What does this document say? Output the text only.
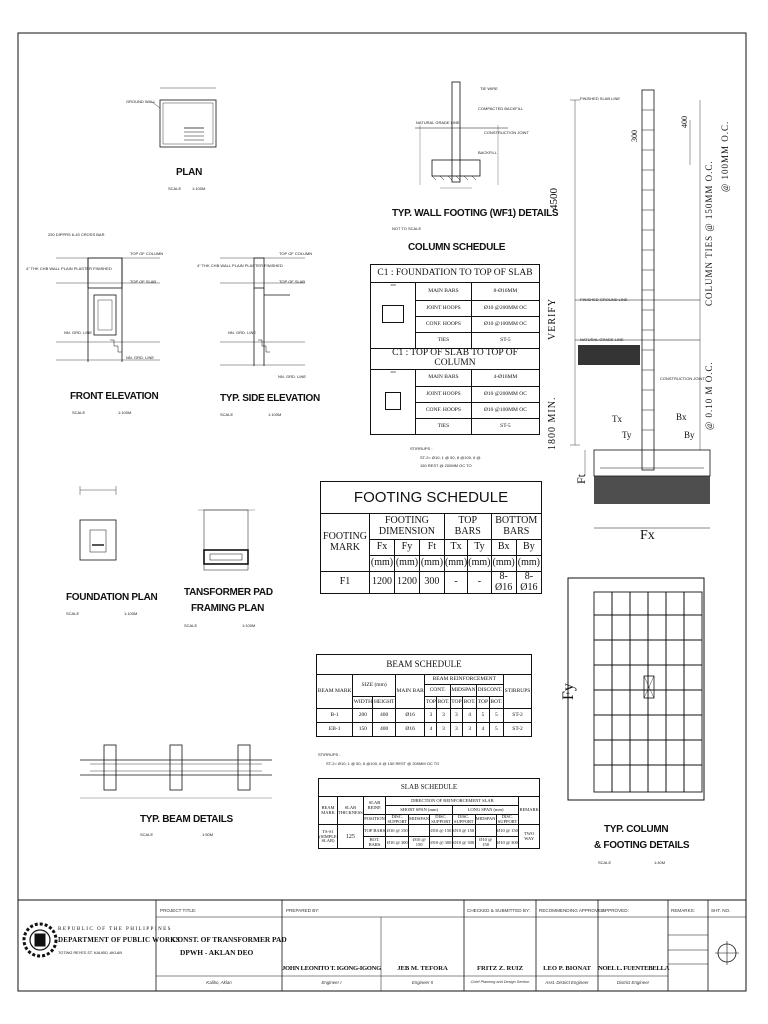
PLAN
SCALE	1:100M
GROUND WALL
250 DIPPRS 6-40 CROSS BAR
4" THK CHB WALL PLAIN PLASTER FINISHED
TOP OF COLUMN
TOP OF SLAB
NN. GRD. LINE
NN. GRD. LINE
FRONT ELEVATION
SCALE	1:100M
4" THK CHB WALL PLAIN PLASTER FINISHED
TOP OF COLUMN
TOP OF SLAB
NN. GRD. LINE
NN. GRD. LINE
TYP. SIDE ELEVATION
SCALE	1:100M
FOUNDATION PLAN
SCALE	1:100M
TANSFORMER PAD
FRAMING PLAN
SCALE	1:100M
TYP. BEAM DETAILS
SCALE	1:50M
NATURAL GRADE LINE
COMPACTED BACKFILL
CONSTRUCTION JOINT
TIE WIRE
BACKFILL
TYP. WALL FOOTING (WF1) DETAILS
NOT TO SCALE
4500
VERIFY
1800 MIN.
Ft
Fx
Fy
COLUMN TIES @ 150MM O.C.
@ 100MM O.C.
@ 0.10 M O.C.
400
300
FINISHED SLAB LINE
FINISHED GROUND LINE
NATURAL GRADE LINE
CONSTRUCTION JOINT
Tx
Ty
Bx
By
TYP. COLUMN
& FOOTING DETAILS
SCALE	1:40M
COLUMN SCHEDULE
C1 : FOUNDATION TO TOP OF SLAB		

200	MAIN BARS	8-Ø16MM
	JOINT HOOPS	Ø10 @200MM OC
	CONF. HOOPS	Ø10 @100MM OC
	TIES	ST-5
C1 : TOP OF SLAB TO TOP OF COLUMN		

200	MAIN BARS	4-Ø16MM
	JOINT HOOPS	Ø10 @200MM OC
	CONF. HOOPS	Ø10 @100MM OC
	TIES	ST-5
STIRRUPS :
ST-2= Ø10; 1 @ 50, 8 @100, 6 @
150 REST @ 200MM OC TO
FOOTING SCHEDULE							
FOOTING MARK	FOOTING DIMENSION			TOP BARS		BOTTOM BARS	
	Fx	Fy	Ft	Tx	Ty	Bx	By
	(mm)	(mm)	(mm)	(mm)	(mm)	(mm)	(mm)
F1	1200	1200	300	-	-	8-Ø16	8-Ø16
BEAM SCHEDULE										
BEAM MARK	SIZE (mm)		MAIN BAR	BEAM REINFORCEMENT						STIRRUPS
				CONT.		MIDSPAN		DISCONT.		
	WIDTH	HEIGHT		TOP	BOT.	TOP	BOT.	TOP	BOT.	
B-1	200	400	Ø16	3	3	3	4	5	5	ST-2
EB-1	150	400	Ø16	4	3	3	3	4	5	ST-2
STIRRUPS :
ST-2= Ø10; 1 @ 50, 6 @100, 6 @ 150 REST @ 200MM OC TO
SLAB SCHEDULE									
BEAM MARK	SLAB THICKNESS	SLAB REINF.	DIRECTION OF REINFORCEMENT SLAB						REMARK
			SHORT SPAN (mm)			LONG SPAN (mm)			
		POSITION	DISC. SUPPORT	MIDSPAN	DISC. SUPPORT	DISC. SUPPORT	MIDSPAN	DISC. SUPPORT	
TS-S1 (SIMPLE SLAB)	125	TOP BARS	Ø10 @ 150		Ø10 @ 150	Ø10 @ 150		Ø10 @ 150	TWO WAY
		BOT. BARS	Ø10 @ 300	Ø10 @ 150	Ø10 @ 300	Ø10 @ 300	Ø10 @ 150	Ø10 @ 300	
REPUBLIC OF THE PHILIPPINES
DEPARTMENT OF PUBLIC WORKS
TOTING REYES ST. KALIBO, AKLAN
PROJECT TITLE:
CONST. OF TRANSFORMER PAD
DPWH - AKLAN DEO
Kalibo, Aklan
PREPARED BY:	CHECKED & SUBMITTED BY: RECOMMENDING APPROVED:
APPROVED:	REMARKS:	SHT. NO.
JOHN LEONITO T. IGONG-IGONG
Engineer I
JEB M. TEFORA
Engineer II
FRITZ Z. RUIZ
Chief Planning and Design Section
LEO P. BIONAT
Asst. District Engineer
NOEL L. FUENTEBELLA
District Engineer
